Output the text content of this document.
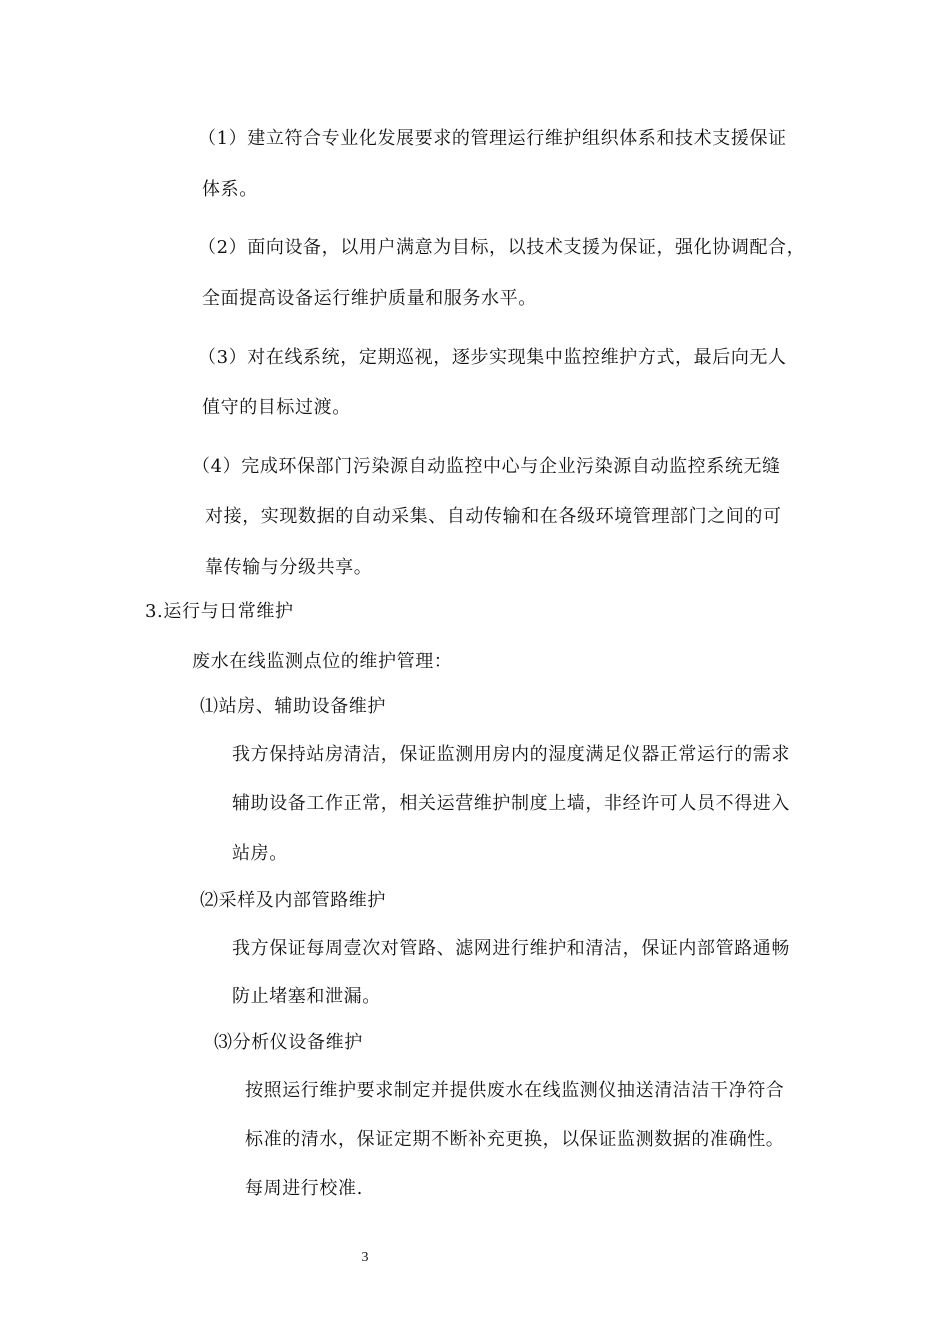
（1）建立符合专业化发展要求的管理运行维护组织体系和技术支援保证
体系。
（2）面向设备，以用户满意为目标，以技术支援为保证，强化协调配合，
全面提高设备运行维护质量和服务水平。
（3）对在线系统，定期巡视，逐步实现集中监控维护方式，最后向无人
值守的目标过渡。
（4）完成环保部门污染源自动监控中心与企业污染源自动监控系统无缝
对接，实现数据的自动采集、自动传输和在各级环境管理部门之间的可
靠传输与分级共享。
3.运行与日常维护
废水在线监测点位的维护管理：
⑴站房、辅助设备维护
我方保持站房清洁，保证监测用房内的湿度满足仪器正常运行的需求
辅助设备工作正常，相关运营维护制度上墙，非经许可人员不得进入
站房。
⑵采样及内部管路维护
我方保证每周壹次对管路、滤网进行维护和清洁，保证内部管路通畅
防止堵塞和泄漏。
⑶分析仪设备维护
按照运行维护要求制定并提供废水在线监测仪抽送清洁洁干净符合
标准的清水，保证定期不断补充更换，以保证监测数据的准确性。
每周进行校准.
3
